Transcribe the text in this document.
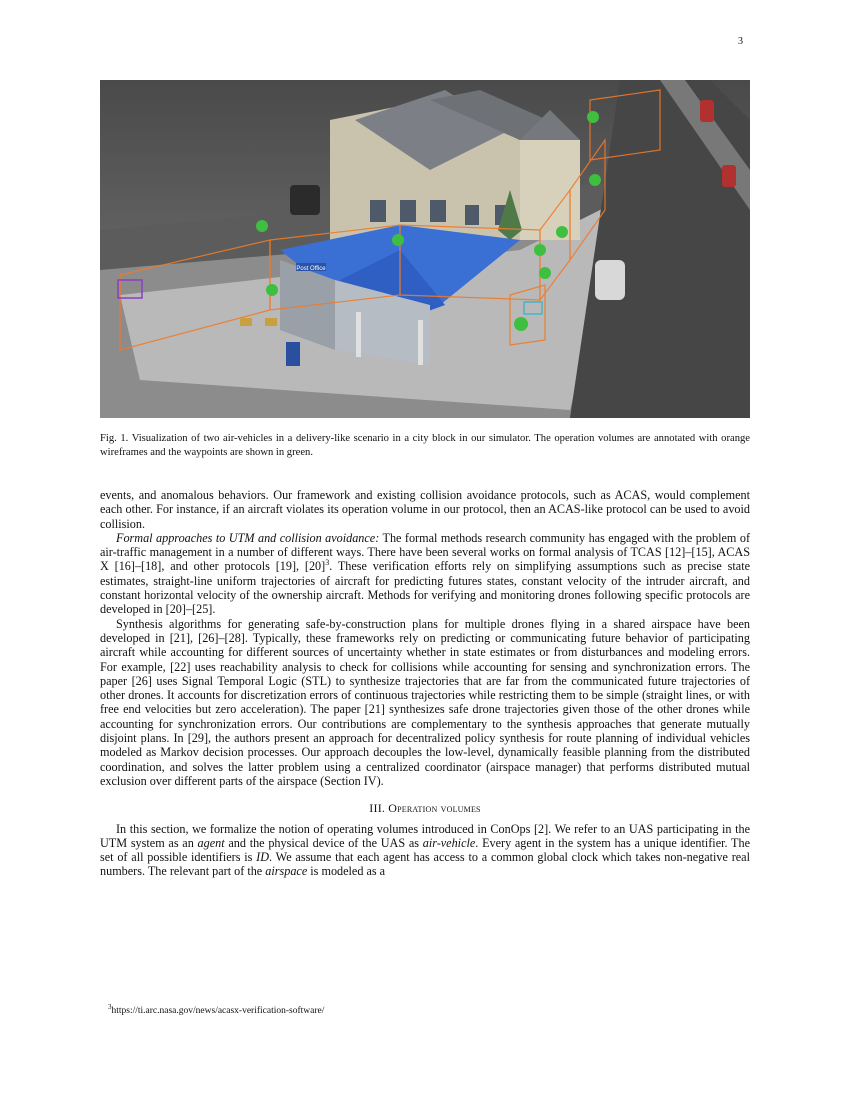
3
Post Office
Fig. 1. Visualization of two air-vehicles in a delivery-like scenario in a city block in our simulator. The operation volumes are annotated with orange wireframes and the waypoints are shown in green.

events, and anomalous behaviors. Our framework and existing collision avoidance protocols, such as ACAS, would complement each other. For instance, if an aircraft violates its operation volume in our protocol, then an ACAS-like protocol can be used to avoid collision.

Formal approaches to UTM and collision avoidance: The formal methods research community has engaged with the problem of air-traffic management in a number of different ways. There have been several works on formal analysis of TCAS [12]–[15], ACAS X [16]–[18], and other protocols [19], $[20]^3$. These verification efforts rely on simplifying assumptions such as precise state estimates, straight-line uniform trajectories of aircraft for predicting futures states, constant velocity of the intruder aircraft, and constant horizontal velocity of the ownership aircraft. Methods for verifying and monitoring drones following specific protocols are developed in [20]–[25].

Synthesis algorithms for generating safe-by-construction plans for multiple drones flying in a shared airspace have been developed in [21], [26]–[28]. Typically, these frameworks rely on predicting or communicating future behavior of participating aircraft while accounting for different sources of uncertainty whether in state estimates or from disturbances and modeling errors. For example, [22] uses reachability analysis to check for collisions while accounting for sensing and synchronization errors. The paper [26] uses Signal Temporal Logic (STL) to synthesize trajectories that are far from the communicated future trajectories of other drones. It accounts for discretization errors of continuous trajectories while restricting them to be simple (straight lines, or with free end velocities but zero acceleration). The paper [21] synthesizes safe drone trajectories given those of the other drones while accounting for synchronization errors. Our contributions are complementary to the synthesis approaches that generate mutually disjoint plans. In [29], the authors present an approach for decentralized policy synthesis for route planning of individual vehicles modeled as Markov decision processes. Our approach decouples the low-level, dynamically feasible planning from the distributed coordination, and solves the latter problem using a centralized coordinator (airspace manager) that performs distributed mutual exclusion over different parts of the airspace (Section IV).

III. Operation volumes

In this section, we formalize the notion of operating volumes introduced in ConOps [2]. We refer to an UAS participating in the UTM system as an agent and the physical device of the UAS as air-vehicle. Every agent in the system has a unique identifier. The set of all possible identifiers is ID. We assume that each agent has access to a common global clock which takes non-negative real numbers. The relevant part of the airspace is modeled as a

$^3$https://ti.arc.nasa.gov/news/acasx-verification-software/
